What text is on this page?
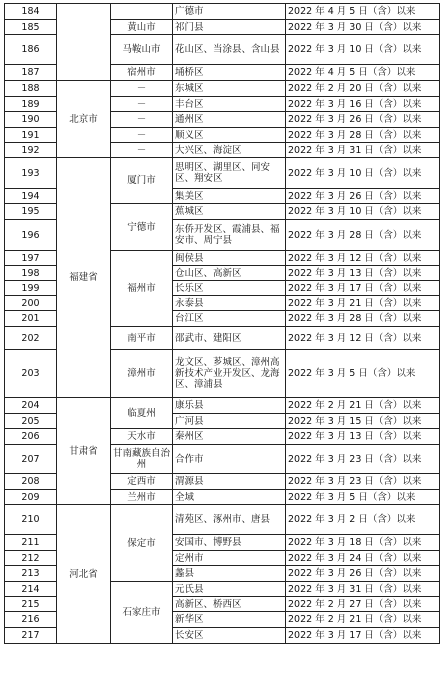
184			广德市	2022 年 4 月 5 日（含）以来
185		黄山市	祁门县	2022 年 3 月 30 日（含）以来
186		马鞍山市	花山区、当涂县、含山县	2022 年 3 月 10 日（含）以来
187		宿州市	埇桥区	2022 年 4 月 5 日（含）以来
188	北京市	－	东城区	2022 年 2 月 20 日（含）以来
189		－	丰台区	2022 年 3 月 16 日（含）以来
190		－	通州区	2022 年 3 月 26 日（含）以来
191		－	顺义区	2022 年 3 月 28 日（含）以来
192		－	大兴区、海淀区	2022 年 3 月 31 日（含）以来
193	福建省	厦门市	思明区、湖里区、同安区、翔安区	2022 年 3 月 10 日（含）以来
194			集美区	2022 年 3 月 26 日（含）以来
195		宁德市	蕉城区	2022 年 3 月 10 日（含）以来
196			东侨开发区、霞浦县、福安市、周宁县	2022 年 3 月 28 日（含）以来
197		福州市	闽侯县	2022 年 3 月 12 日（含）以来
198			仓山区、高新区	2022 年 3 月 13 日（含）以来
199			长乐区	2022 年 3 月 17 日（含）以来
200			永泰县	2022 年 3 月 21 日（含）以来
201			台江区	2022 年 3 月 28 日（含）以来
202		南平市	邵武市、建阳区	2022 年 3 月 12 日（含）以来
203		漳州市	龙文区、芗城区、漳州高新技术产业开发区、龙海区、漳浦县	2022 年 3 月 5 日（含）以来
204	甘肃省	临夏州	康乐县	2022 年 2 月 21 日（含）以来
205			广河县	2022 年 3 月 15 日（含）以来
206		天水市	秦州区	2022 年 3 月 13 日（含）以来
207		甘南藏族自治州	合作市	2022 年 3 月 23 日（含）以来
208		定西市	渭源县	2022 年 3 月 23 日（含）以来
209		兰州市	全域	2022 年 3 月 5 日（含）以来
210	河北省	保定市	清苑区、涿州市、唐县	2022 年 3 月 2 日（含）以来
211			安国市、博野县	2022 年 3 月 18 日（含）以来
212			定州市	2022 年 3 月 24 日（含）以来
213			蠡县	2022 年 3 月 26 日（含）以来
214		石家庄市	元氏县	2022 年 3 月 31 日（含）以来
215			高新区、桥西区	2022 年 2 月 27 日（含）以来
216			新华区	2022 年 2 月 21 日（含）以来
217			长安区	2022 年 3 月 17 日（含）以来
